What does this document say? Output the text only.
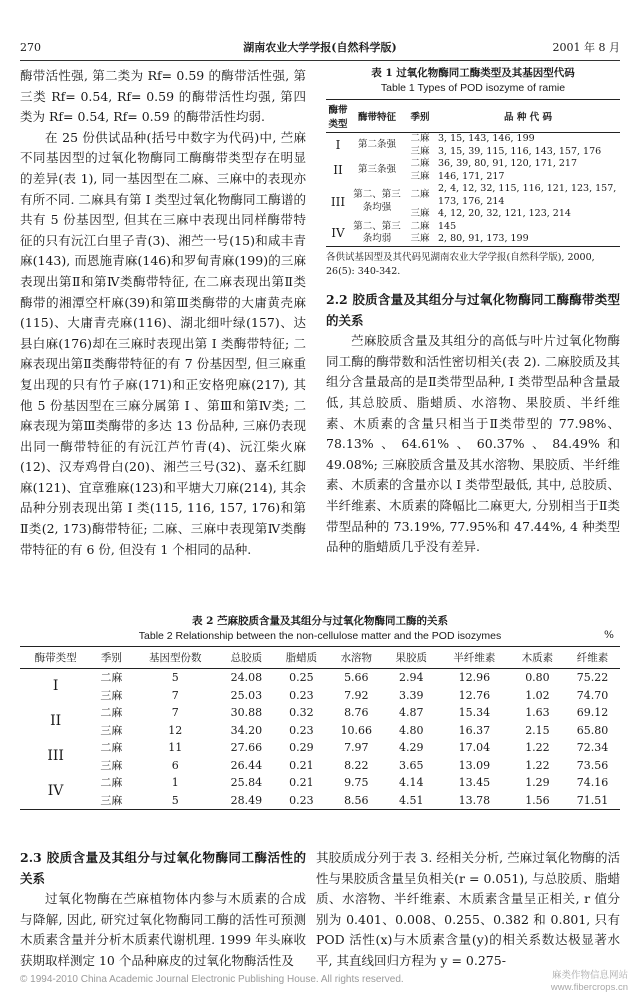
270	湖南农业大学学报(自然科学版)	2001 年 8 月

酶带活性强, 第二类为 Rf= 0.59 的酶带活性强, 第三类 Rf= 0.54, Rf= 0.59 的酶带活性均强, 第四类为 Rf= 0.54, Rf= 0.59 的酶带活性均弱.

在 25 份供试品种(括号中数字为代码)中, 苎麻不同基因型的过氧化物酶同工酶酶带类型存在明显的差异(表 1), 同一基因型在二麻、三麻中的表现亦有所不同. 二麻具有第 I 类型过氧化物酶同工酶谱的共有 5 份基因型, 但其在三麻中表现出同样酶带特征的只有沅江白里子青(3)、湘苎一号(15)和咸丰青麻(143), 而恩施青麻(146)和罗甸青麻(199)的三麻表现出第Ⅱ和第Ⅳ类酶带特征, 在二麻表现出第Ⅱ类酶带的湘潭空杆麻(39)和第Ⅲ类酶带的大庸黄壳麻(115)、大庸青壳麻(116)、湖北细叶绿(157)、达县白麻(176)却在三麻时表现出第 I 类酶带特征; 二麻表现出第Ⅱ类酶带特征的有 7 份基因型, 但三麻重复出现的只有竹子麻(171)和正安格兜麻(217), 其他 5 份基因型在三麻分属第 I 、第Ⅲ和第Ⅳ类; 二麻表现为第Ⅲ类酶带的多达 13 份品种, 三麻仍表现出同一酶带特征的有沅江芦竹青(4)、沅江柴火麻(12)、汉寿鸡骨白(20)、湘苎三号(32)、嘉禾红脚麻(121)、宜章雅麻(123)和平塘大刀麻(214), 其余品种分别表现出第 I 类(115, 116, 157, 176)和第Ⅱ类(2, 173)酶带特征; 二麻、三麻中表现第Ⅳ类酶带特征的有 6 份, 但没有 1 个相同的品种.

表 1 过氧化物酶同工酶类型及其基因型代码
Table 1 Types of POD isozyme of ramie
酶带类型	酶带特征	季别	品 种 代 码
I	第二条强	二麻	3, 15, 143, 146, 199
		三麻	3, 15, 39, 115, 116, 143, 157, 176
II	第三条强	二麻	36, 39, 80, 91, 120, 171, 217
		三麻	146, 171, 217
III	第二、第三条均强	二麻	2, 4, 12, 32, 115, 116, 121, 123, 157, 173, 176, 214
		三麻	4, 12, 20, 32, 121, 123, 214
IV	第二、第三条均弱	二麻	145
		三麻	2, 80, 91, 173, 199
各供试基因型及其代码见湖南农业大学学报(自然科学版), 2000, 26(5): 340-342.

2.2 胶质含量及其组分与过氧化物酶同工酶酶带类型的关系

苎麻胶质含量及其组分的高低与叶片过氧化物酶同工酶的酶带数和活性密切相关(表 2). 二麻胶质及其组分含量最高的是Ⅱ类带型品种, I 类带型品种含量最低, 其总胶质、脂蜡质、水溶物、果胶质、半纤维素、木质素的含量只相当于Ⅱ类带型的 77.98%、78.13%、64.61%、60.37%、84.49%和 49.08%; 三麻胶质含量及其水溶物、果胶质、半纤维素、木质素的含量亦以 I 类带型最低, 其中, 总胶质、半纤维素、木质素的降幅比二麻更大, 分别相当于Ⅱ类带型品种的 73.19%, 77.95%和 47.44%, 4 种类型品种的脂蜡质几乎没有差异.

表 2 苎麻胶质含量及其组分与过氧化物酶同工酶的关系
Table 2 Relationship between the non-cellulose matter and the POD isozymes	%
酶带类型	季别	基因型份数	总胶质	脂蜡质	水溶物	果胶质	半纤维素	木质素	纤维素
I	二麻	5	24.08	0.25	5.66	2.94	12.96	0.80	75.22
	三麻	7	25.03	0.23	7.92	3.39	12.76	1.02	74.70
II	二麻	7	30.88	0.32	8.76	4.87	15.34	1.63	69.12
	三麻	12	34.20	0.23	10.66	4.80	16.37	2.15	65.80
III	二麻	11	27.66	0.29	7.97	4.29	17.04	1.22	72.34
	三麻	6	26.44	0.21	8.22	3.65	13.09	1.22	73.56
IV	二麻	1	25.84	0.21	9.75	4.14	13.45	1.29	74.16
	三麻	5	28.49	0.23	8.56	4.51	13.78	1.56	71.51

2.3 胶质含量及其组分与过氧化物酶同工酶活性的关系

过氧化物酶在苎麻植物体内参与木质素的合成与降解, 因此, 研究过氧化物酶同工酶的活性可预测木质素含量并分析木质素代谢机理. 1999 年头麻收获期取样测定 10 个品种麻皮的过氧化物酶活性及

其胶质成分列于表 3. 经相关分析, 苎麻过氧化物酶的活性与果胶质含量呈负相关(r = 0.051), 与总胶质、脂蜡质、水溶物、半纤维素、木质素含量呈正相关, r 值分别为 0.401、0.008、0.255、0.382 和 0.801, 只有 POD 活性(x)与木质素含量(y)的相关系数达极显著水平, 其直线回归方程为 y = 0.275-

© 1994-2010 China Academic Journal Electronic Publishing House. All rights reserved.	麻类作物信息网站
www.fibercrops.cn
